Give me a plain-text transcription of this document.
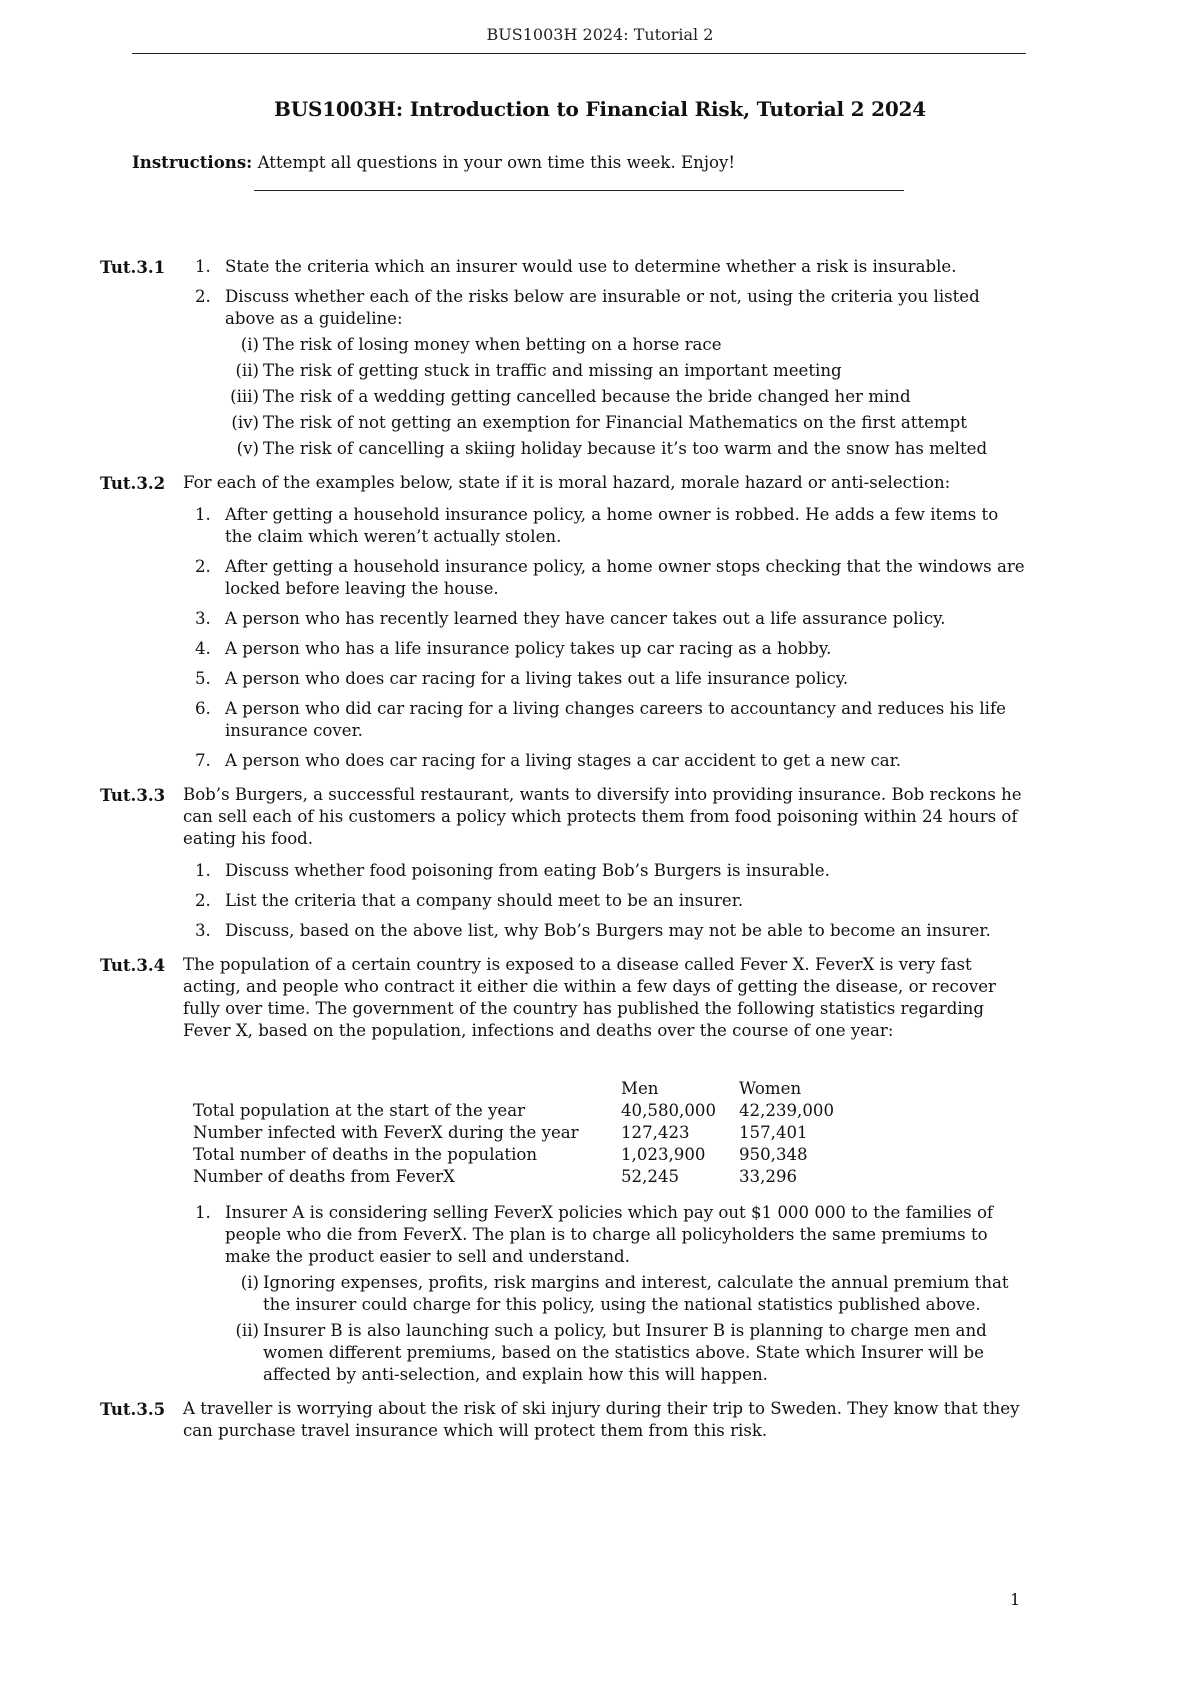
BUS1003H 2024: Tutorial 2
BUS1003H: Introduction to Financial Risk, Tutorial 2 2024
Instructions: Attempt all questions in your own time this week. Enjoy!
Tut.3.1 1. State the criteria which an insurer would use to determine whether a risk is insurable.
2. Discuss whether each of the risks below are insurable or not, using the criteria you listed above as a guideline:
(i) The risk of losing money when betting on a horse race
(ii) The risk of getting stuck in traffic and missing an important meeting
(iii) The risk of a wedding getting cancelled because the bride changed her mind
(iv) The risk of not getting an exemption for Financial Mathematics on the first attempt
(v) The risk of cancelling a skiing holiday because it’s too warm and the snow has melted
Tut.3.2 For each of the examples below, state if it is moral hazard, morale hazard or anti-selection:

1. After getting a household insurance policy, a home owner is robbed. He adds a few items to the claim which weren’t actually stolen.
2. After getting a household insurance policy, a home owner stops checking that the windows are locked before leaving the house.
3. A person who has recently learned they have cancer takes out a life assurance policy.
4. A person who has a life insurance policy takes up car racing as a hobby.
5. A person who does car racing for a living takes out a life insurance policy.
6. A person who did car racing for a living changes careers to accountancy and reduces his life insurance cover.
7. A person who does car racing for a living stages a car accident to get a new car.
Tut.3.3 Bob’s Burgers, a successful restaurant, wants to diversify into providing insurance. Bob reckons he can sell each of his customers a policy which protects them from food poisoning within 24 hours of eating his food.

1. Discuss whether food poisoning from eating Bob’s Burgers is insurable.
2. List the criteria that a company should meet to be an insurer.
3. Discuss, based on the above list, why Bob’s Burgers may not be able to become an insurer.
Tut.3.4 The population of a certain country is exposed to a disease called Fever X. FeverX is very fast acting, and people who contract it either die within a few days of getting the disease, or recover fully over time. The government of the country has published the following statistics regarding Fever X, based on the population, infections and deaths over the course of one year:

	Men	Women
Total population at the start of the year	40,580,000	42,239,000
Number infected with FeverX during the year	127,423	157,401
Total number of deaths in the population	1,023,900	950,348
Number of deaths from FeverX	52,245	33,296
1. Insurer A is considering selling FeverX policies which pay out $1 000 000 to the families of people who die from FeverX. The plan is to charge all policyholders the same premiums to make the product easier to sell and understand.
(i) Ignoring expenses, profits, risk margins and interest, calculate the annual premium that the insurer could charge for this policy, using the national statistics published above.
(ii) Insurer B is also launching such a policy, but Insurer B is planning to charge men and women different premiums, based on the statistics above. State which Insurer will be affected by anti-selection, and explain how this will happen.
Tut.3.5 A traveller is worrying about the risk of ski injury during their trip to Sweden. They know that they can purchase travel insurance which will protect them from this risk.

1
